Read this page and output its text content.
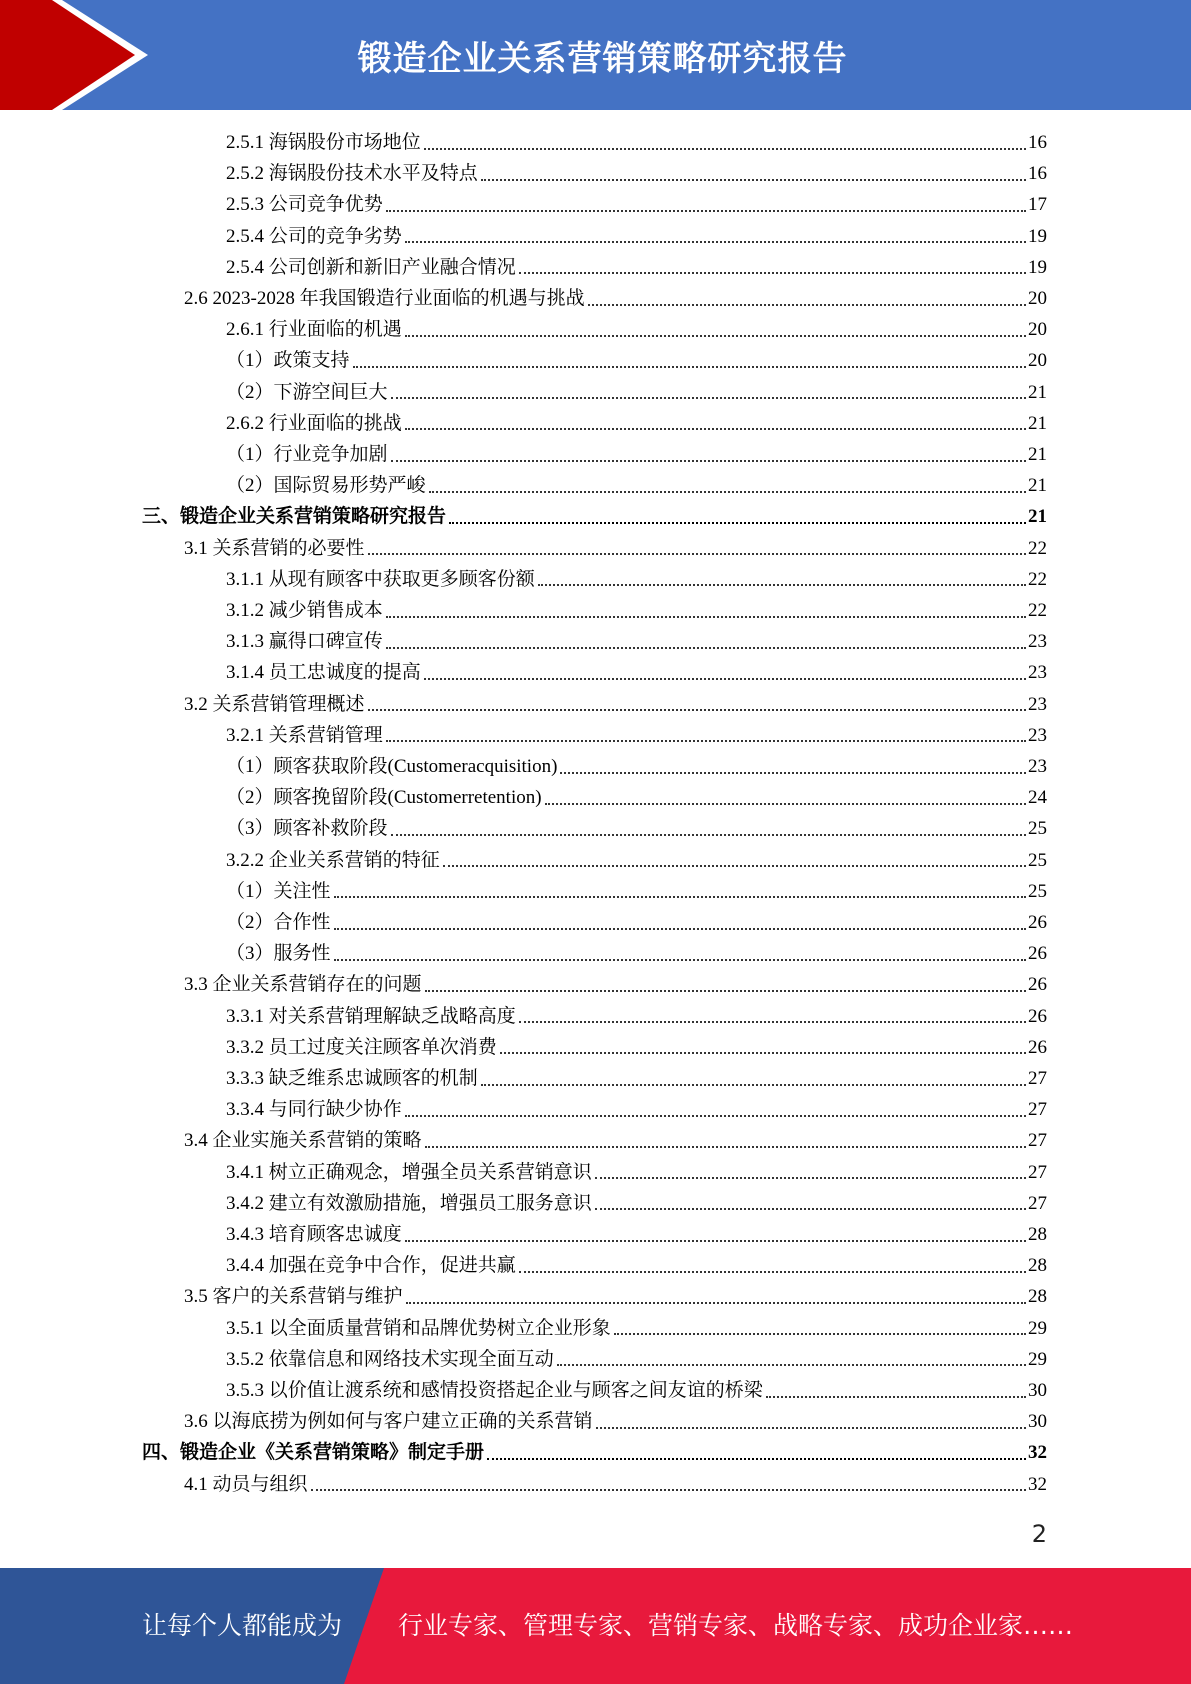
锻造企业关系营销策略研究报告
2.5.1 海锅股份市场地位	16
2.5.2 海锅股份技术水平及特点	16
2.5.3 公司竞争优势	17
2.5.4 公司的竞争劣势	19
2.5.4 公司创新和新旧产业融合情况	19
2.6 2023-2028 年我国锻造行业面临的机遇与挑战	20
2.6.1 行业面临的机遇	20
（1）政策支持	20
（2）下游空间巨大	21
2.6.2 行业面临的挑战	21
（1）行业竞争加剧	21
（2）国际贸易形势严峻	21
三、锻造企业关系营销策略研究报告	21
3.1 关系营销的必要性	22
3.1.1 从现有顾客中获取更多顾客份额	22
3.1.2 减少销售成本	22
3.1.3 赢得口碑宣传	23
3.1.4 员工忠诚度的提高	23
3.2 关系营销管理概述	23
3.2.1 关系营销管理	23
（1）顾客获取阶段(Customeracquisition)	23
（2）顾客挽留阶段(Customerretention)	24
（3）顾客补救阶段	25
3.2.2 企业关系营销的特征	25
（1）关注性	25
（2）合作性	26
（3）服务性	26
3.3 企业关系营销存在的问题	26
3.3.1 对关系营销理解缺乏战略高度	26
3.3.2 员工过度关注顾客单次消费	26
3.3.3 缺乏维系忠诚顾客的机制	27
3.3.4 与同行缺少协作	27
3.4 企业实施关系营销的策略	27
3.4.1 树立正确观念，增强全员关系营销意识	27
3.4.2 建立有效激励措施，增强员工服务意识	27
3.4.3 培育顾客忠诚度	28
3.4.4 加强在竞争中合作，促进共赢	28
3.5 客户的关系营销与维护	28
3.5.1 以全面质量营销和品牌优势树立企业形象	29
3.5.2 依靠信息和网络技术实现全面互动	29
3.5.3 以价值让渡系统和感情投资搭起企业与顾客之间友谊的桥梁	30
3.6 以海底捞为例如何与客户建立正确的关系营销	30
四、锻造企业《关系营销策略》制定手册	32
4.1 动员与组织	32
2
让每个人都能成为 行业专家、管理专家、营销专家、战略专家、成功企业家……
